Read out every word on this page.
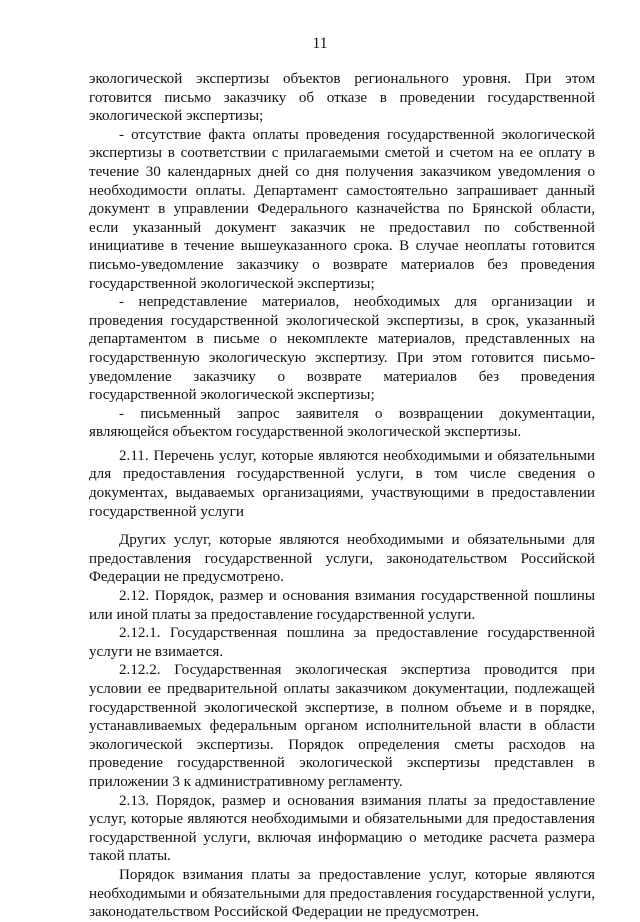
11

экологической экспертизы объектов регионального уровня. При этом готовится письмо заказчику об отказе в проведении государственной экологической экспертизы;

- отсутствие факта оплаты проведения государственной экологической экспертизы в соответствии с прилагаемыми сметой и счетом на ее оплату в течение 30 календарных дней со дня получения заказчиком уведомления о необходимости оплаты. Департамент самостоятельно запрашивает данный документ в управлении Федерального казначейства по Брянской области, если указанный документ заказчик не предоставил по собственной инициативе в течение вышеуказанного срока. В случае неоплаты готовится письмо-уведомление заказчику о возврате материалов без проведения государственной экологической экспертизы;

- непредставление материалов, необходимых для организации и проведения государственной экологической экспертизы, в срок, указанный департаментом в письме о некомплекте материалов, представленных на государственную экологическую экспертизу. При этом готовится письмо-уведомление заказчику о возврате материалов без проведения государственной экологической экспертизы;

- письменный запрос заявителя о возвращении документации, являющейся объектом государственной экологической экспертизы.

2.11. Перечень услуг, которые являются необходимыми и обязательными для предоставления государственной услуги, в том числе сведения о документах, выдаваемых организациями, участвующими в предоставлении государственной услуги

Других услуг, которые являются необходимыми и обязательными для предоставления государственной услуги, законодательством Российской Федерации не предусмотрено.

2.12. Порядок, размер и основания взимания государственной пошлины или иной платы за предоставление государственной услуги.

2.12.1. Государственная пошлина за предоставление государственной услуги не взимается.

2.12.2. Государственная экологическая экспертиза проводится при условии ее предварительной оплаты заказчиком документации, подлежащей государственной экологической экспертизе, в полном объеме и в порядке, устанавливаемых федеральным органом исполнительной власти в области экологической экспертизы. Порядок определения сметы расходов на проведение государственной экологической экспертизы представлен в приложении 3 к административному регламенту.

2.13. Порядок, размер и основания взимания платы за предоставление услуг, которые являются необходимыми и обязательными для предоставления государственной услуги, включая информацию о методике расчета размера такой платы.

Порядок взимания платы за предоставление услуг, которые являются необходимыми и обязательными для предоставления государственной услуги, законодательством Российской Федерации не предусмотрен.
